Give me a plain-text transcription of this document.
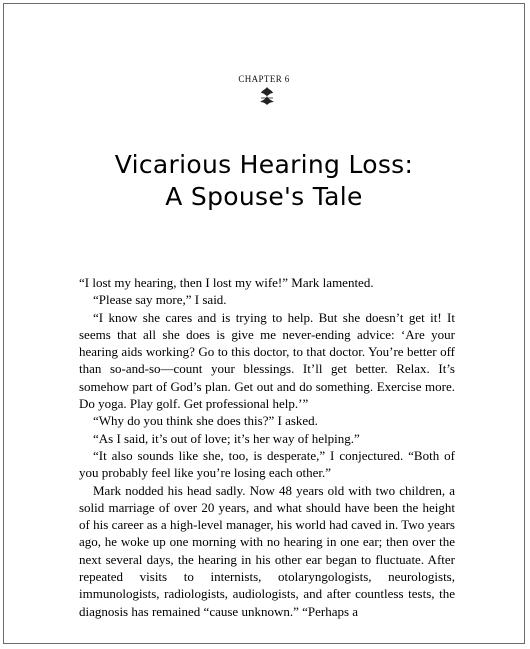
CHAPTER 6
Vicarious Hearing Loss:
A Spouse's Tale

“I lost my hearing, then I lost my wife!” Mark lamented.

“Please say more,” I said.

“I know she cares and is trying to help. But she doesn’t get it! It seems that all she does is give me never-ending advice: ‘Are your hearing aids working? Go to this doctor, to that doctor. You’re better off than so-and-so—count your blessings. It’ll get better. Relax. It’s somehow part of God’s plan. Get out and do something. Exercise more. Do yoga. Play golf. Get professional help.’”

“Why do you think she does this?” I asked.

“As I said, it’s out of love; it’s her way of helping.”

“It also sounds like she, too, is desperate,” I conjectured. “Both of you probably feel like you’re losing each other.”

Mark nodded his head sadly. Now 48 years old with two children, a solid marriage of over 20 years, and what should have been the height of his career as a high-level manager, his world had caved in. Two years ago, he woke up one morning with no hearing in one ear; then over the next several days, the hearing in his other ear began to fluctuate. After repeated visits to internists, otolaryngologists, neurologists, immunologists, radiologists, audiologists, and after countless tests, the diagnosis has remained “cause unknown.” “Perhaps a
